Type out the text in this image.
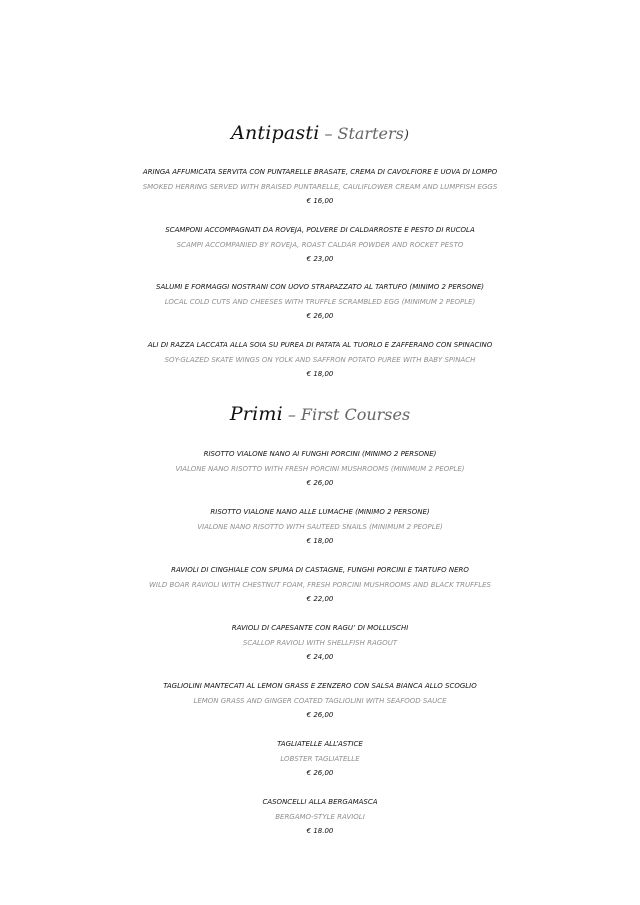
Antipasti – Starters)
ARINGA AFFUMICATA SERVITA CON PUNTARELLE BRASATE, CREMA DI CAVOLFIORE E UOVA DI LOMPO
SMOKED HERRING SERVED WITH BRAISED PUNTARELLE, CAULIFLOWER CREAM AND LUMPFISH EGGS
€ 16,00
SCAMPONI ACCOMPAGNATI DA ROVEJA, POLVERE DI CALDARROSTE E PESTO DI RUCOLA
SCAMPI ACCOMPANIED BY ROVEJA, ROAST CALDAR POWDER AND ROCKET PESTO
€ 23,00
SALUMI E FORMAGGI NOSTRANI CON UOVO STRAPAZZATO AL TARTUFO (MINIMO 2 PERSONE)
LOCAL COLD CUTS AND CHEESES WITH TRUFFLE SCRAMBLED EGG (MINIMUM 2 PEOPLE)
€ 26,00
ALI DI RAZZA LACCATA ALLA SOIA SU PUREA DI PATATA AL TUORLO E ZAFFERANO CON SPINACINO
SOY-GLAZED SKATE WINGS ON YOLK AND SAFFRON POTATO PUREE WITH BABY SPINACH
€ 18,00
Primi – First Courses
RISOTTO VIALONE NANO AI FUNGHI PORCINI (MINIMO 2 PERSONE)
VIALONE NANO RISOTTO WITH FRESH PORCINI MUSHROOMS (MINIMUM 2 PEOPLE)
€ 26,00
RISOTTO VIALONE NANO ALLE LUMACHE (MINIMO 2 PERSONE)
VIALONE NANO RISOTTO WITH SAUTEED SNAILS (MINIMUM 2 PEOPLE)
€ 18,00
RAVIOLI DI CINGHIALE CON SPUMA DI CASTAGNE, FUNGHI PORCINI E TARTUFO NERO
WILD BOAR RAVIOLI WITH CHESTNUT FOAM, FRESH PORCINI MUSHROOMS AND BLACK TRUFFLES
€ 22,00
RAVIOLI DI CAPESANTE CON RAGU’ DI MOLLUSCHI
SCALLOP RAVIOLI WITH SHELLFISH RAGOUT
€ 24,00
TAGLIOLINI MANTECATI AL LEMON GRASS E ZENZERO CON SALSA BIANCA ALLO SCOGLIO
LEMON GRASS AND GINGER COATED TAGLIOLINI WITH SEAFOOD SAUCE
€ 26,00
TAGLIATELLE ALL’ASTICE
LOBSTER TAGLIATELLE
€ 26,00
CASONCELLI ALLA BERGAMASCA
BERGAMO-STYLE RAVIOLI
€ 18.00
